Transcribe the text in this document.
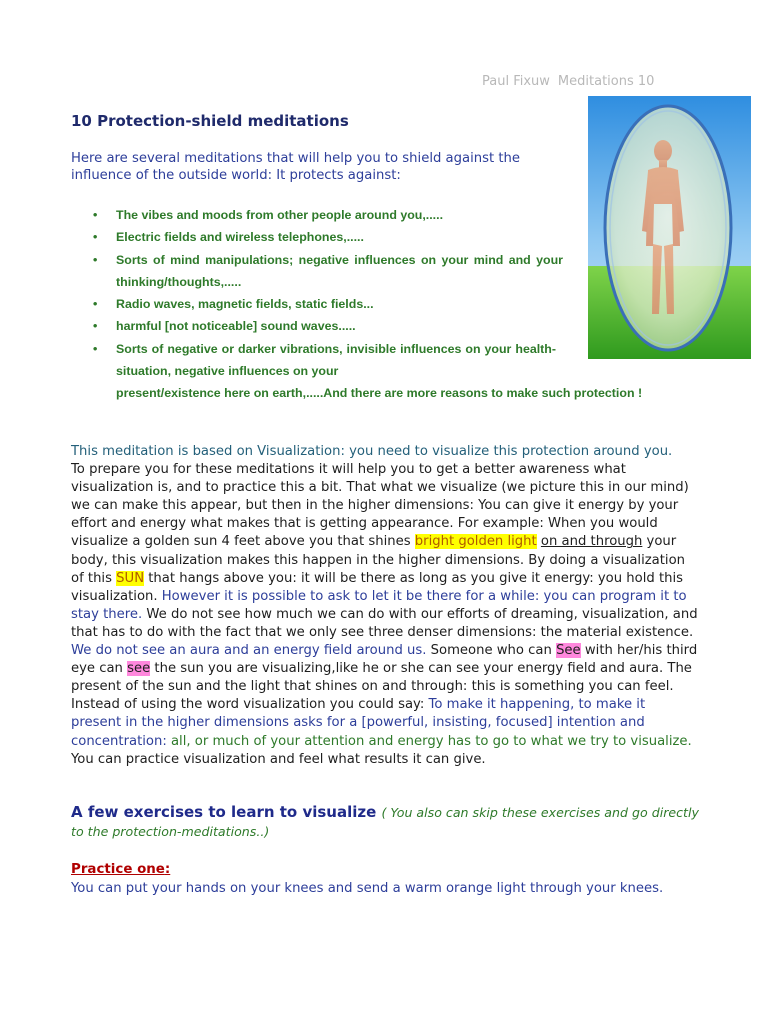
Paul Fixuw Meditations 10
10 Protection-shield meditations

Here are several meditations that will help you to shield against the influence of the outside world: It protects against:

• The vibes and moods from other people around you,.....
• Electric fields and wireless telephones,.....
• Sorts of mind manipulations; negative influences on your mind and your thinking/thoughts,.....
• Radio waves, magnetic fields, static fields...
• harmful [not noticeable] sound waves.....
• Sorts of negative or darker vibrations, invisible influences on your health-situation, negative influences on your
present/existence here on earth,.....And there are more reasons to make such protection !

This meditation is based on Visualization: you need to visualize this protection around you.
To prepare you for these meditations it will help you to get a better awareness what visualization is, and to practice this a bit. That what we visualize (we picture this in our mind) we can make this appear, but then in the higher dimensions: You can give it energy by your effort and energy what makes that is getting appearance. For example: When you would visualize a golden sun 4 feet above you that shines bright golden light on and through your body, this visualization makes this happen in the higher dimensions. By doing a visualization of this SUN that hangs above you: it will be there as long as you give it energy: you hold this visualization. However it is possible to ask to let it be there for a while: you can program it to stay there. We do not see how much we can do with our efforts of dreaming, visualization, and that has to do with the fact that we only see three denser dimensions: the material existence. We do not see an aura and an energy field around us. Someone who can See with her/his third eye can see the sun you are visualizing,like he or she can see your energy field and aura. The present of the sun and the light that shines on and through: this is something you can feel.
Instead of using the word visualization you could say: To make it happening, to make it present in the higher dimensions asks for a [powerful, insisting, focused] intention and concentration: all, or much of your attention and energy has to go to what we try to visualize. You can practice visualization and feel what results it can give.

A few exercises to learn to visualize ( You also can skip these exercises and go directly to the protection-meditations..)

Practice one:

You can put your hands on your knees and send a warm orange light through your knees.
